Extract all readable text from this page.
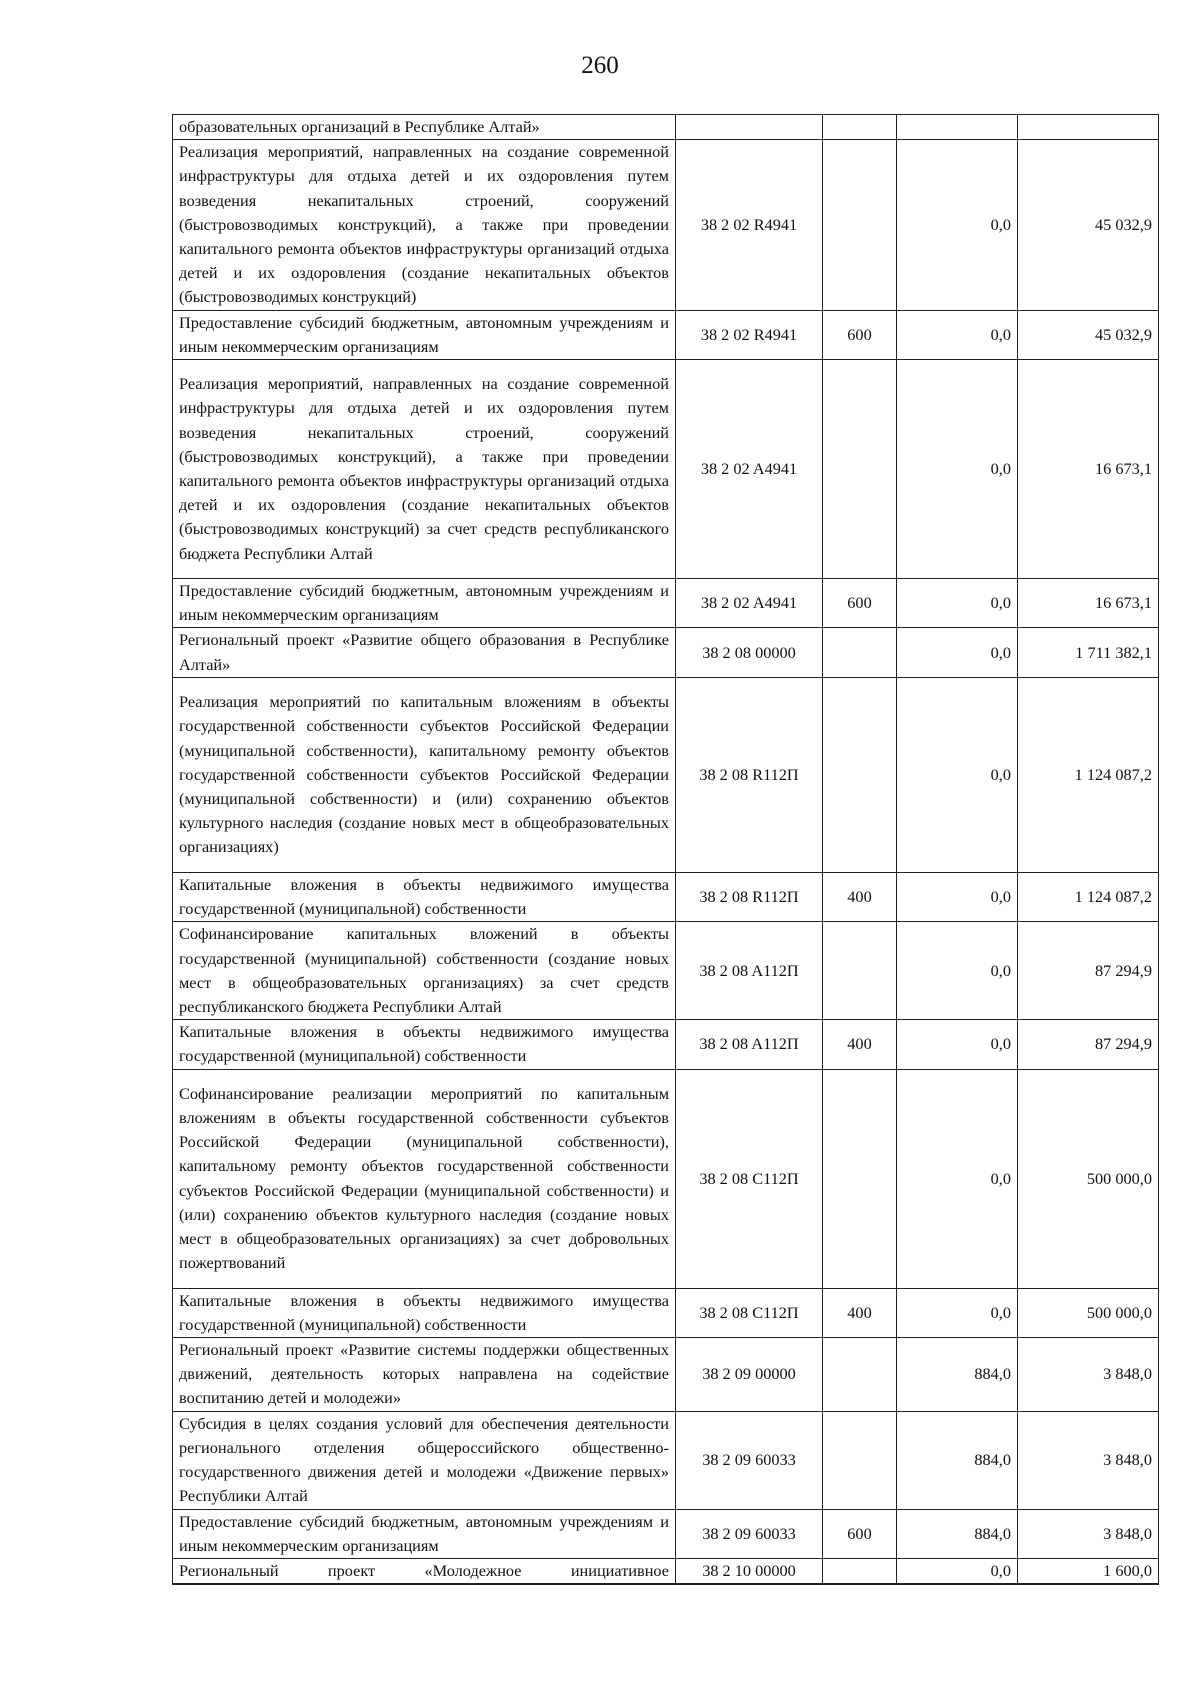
260
образовательных организаций в Республике Алтай»				
Реализация мероприятий, направленных на создание современной инфраструктуры для отдыха детей и их оздоровления путем возведения некапитальных строений, сооружений (быстровозводимых конструкций), а также при проведении капитального ремонта объектов инфраструктуры организаций отдыха детей и их оздоровления (создание некапитальных объектов (быстровозводимых конструкций)	38 2 02 R4941		0,0	45 032,9
Предоставление субсидий бюджетным, автономным учреждениям и иным некоммерческим организациям	38 2 02 R4941	600	0,0	45 032,9
Реализация мероприятий, направленных на создание современной инфраструктуры для отдыха детей и их оздоровления путем возведения некапитальных строений, сооружений (быстровозводимых конструкций), а также при проведении капитального ремонта объектов инфраструктуры организаций отдыха детей и их оздоровления (создание некапитальных объектов (быстровозводимых конструкций) за счет средств республиканского бюджета Республики Алтай	38 2 02 A4941		0,0	16 673,1
Предоставление субсидий бюджетным, автономным учреждениям и иным некоммерческим организациям	38 2 02 A4941	600	0,0	16 673,1
Региональный проект «Развитие общего образования в Республике Алтай»	38 2 08 00000		0,0	1 711 382,1
Реализация мероприятий по капитальным вложениям в объекты государственной собственности субъектов Российской Федерации (муниципальной собственности), капитальному ремонту объектов государственной собственности субъектов Российской Федерации (муниципальной собственности) и (или) сохранению объектов культурного наследия (создание новых мест в общеобразовательных организациях)	38 2 08 R112П		0,0	1 124 087,2
Капитальные вложения в объекты недвижимого имущества государственной (муниципальной) собственности	38 2 08 R112П	400	0,0	1 124 087,2
Софинансирование капитальных вложений в объекты государственной (муниципальной) собственности (создание новых мест в общеобразовательных организациях) за счет средств республиканского бюджета Республики Алтай	38 2 08 A112П		0,0	87 294,9
Капитальные вложения в объекты недвижимого имущества государственной (муниципальной) собственности	38 2 08 A112П	400	0,0	87 294,9
Софинансирование реализации мероприятий по капитальным вложениям в объекты государственной собственности субъектов Российской Федерации (муниципальной собственности), капитальному ремонту объектов государственной собственности субъектов Российской Федерации (муниципальной собственности) и (или) сохранению объектов культурного наследия (создание новых мест в общеобразовательных организациях) за счет добровольных пожертвований	38 2 08 C112П		0,0	500 000,0
Капитальные вложения в объекты недвижимого имущества государственной (муниципальной) собственности	38 2 08 C112П	400	0,0	500 000,0
Региональный проект «Развитие системы поддержки общественных движений, деятельность которых направлена на содействие воспитанию детей и молодежи»	38 2 09 00000		884,0	3 848,0
Субсидия в целях создания условий для обеспечения деятельности регионального отделения общероссийского общественно-государственного движения детей и молодежи «Движение первых» Республики Алтай	38 2 09 60033		884,0	3 848,0
Предоставление субсидий бюджетным, автономным учреждениям и иным некоммерческим организациям	38 2 09 60033	600	884,0	3 848,0
Региональный проект «Молодежное инициативное	38 2 10 00000		0,0	1 600,0
